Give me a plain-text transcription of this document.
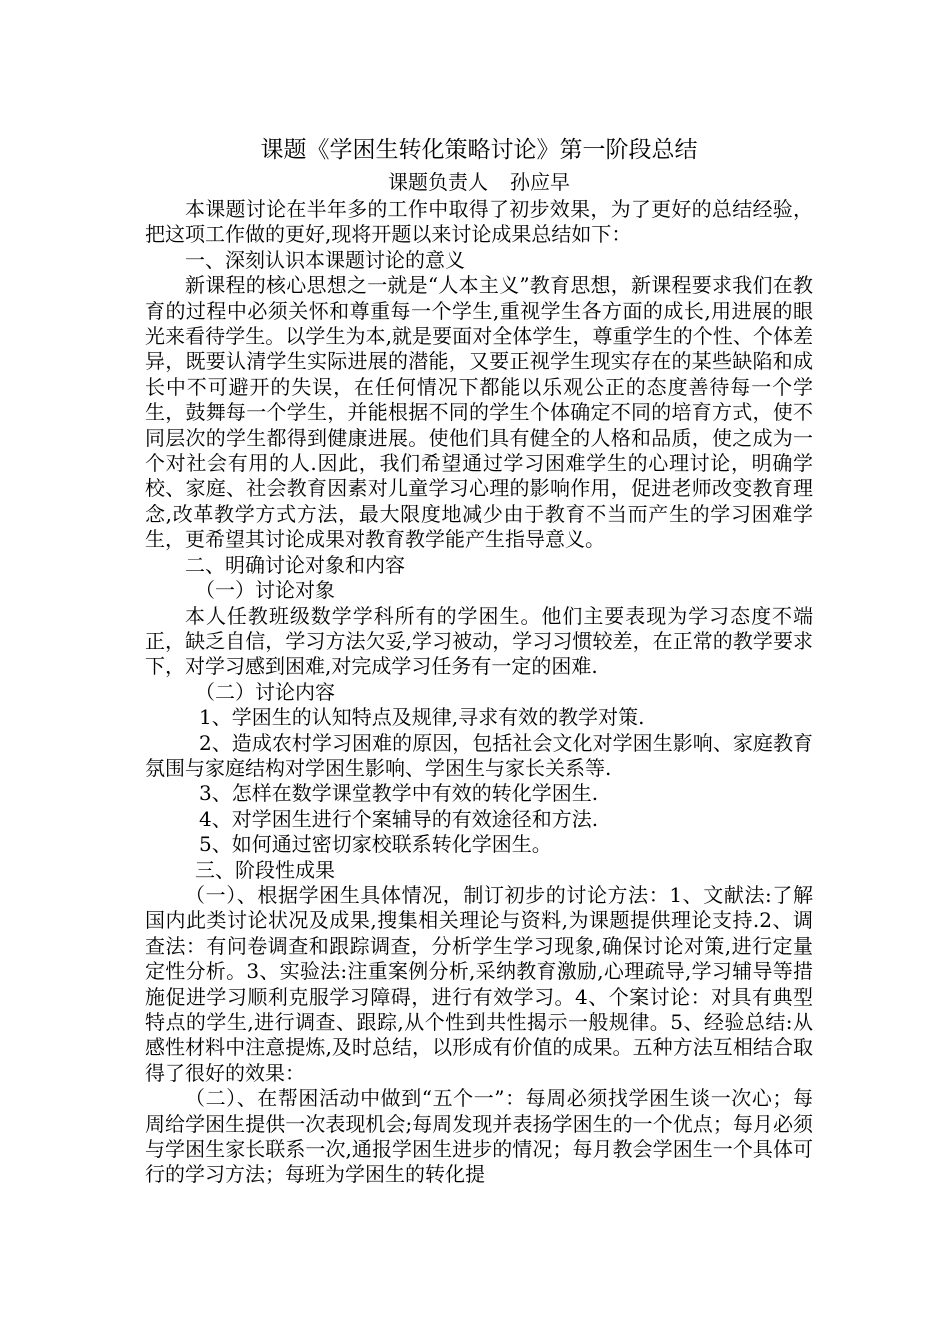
课题《学困生转化策略讨论》第一阶段总结

课题负责人 孙应早

本课题讨论在半年多的工作中取得了初步效果，为了更好的总结经验，把这项工作做的更好,现将开题以来讨论成果总结如下：

一、深刻认识本课题讨论的意义

新课程的核心思想之一就是“人本主义”教育思想，新课程要求我们在教育的过程中必须关怀和尊重每一个学生,重视学生各方面的成长,用进展的眼光来看待学生。以学生为本,就是要面对全体学生，尊重学生的个性、个体差异，既要认清学生实际进展的潜能，又要正视学生现实存在的某些缺陷和成长中不可避开的失误，在任何情况下都能以乐观公正的态度善待每一个学生，鼓舞每一个学生，并能根据不同的学生个体确定不同的培育方式，使不同层次的学生都得到健康进展。使他们具有健全的人格和品质，使之成为一个对社会有用的人.因此，我们希望通过学习困难学生的心理讨论，明确学校、家庭、社会教育因素对儿童学习心理的影响作用，促进老师改变教育理念,改革教学方式方法，最大限度地减少由于教育不当而产生的学习困难学生，更希望其讨论成果对教育教学能产生指导意义。

二、明确讨论对象和内容

（一）讨论对象

本人任教班级数学学科所有的学困生。他们主要表现为学习态度不端正，缺乏自信，学习方法欠妥,学习被动，学习习惯较差，在正常的教学要求下，对学习感到困难,对完成学习任务有一定的困难.

（二）讨论内容

1、学困生的认知特点及规律,寻求有效的教学对策.

2、造成农村学习困难的原因，包括社会文化对学困生影响、家庭教育氛围与家庭结构对学困生影响、学困生与家长关系等.

3、怎样在数学课堂教学中有效的转化学困生.

4、对学困生进行个案辅导的有效途径和方法.

5、如何通过密切家校联系转化学困生。

三、阶段性成果

（一）、根据学困生具体情况，制订初步的讨论方法：1、文献法:了解国内此类讨论状况及成果,搜集相关理论与资料,为课题提供理论支持.2、调查法：有问卷调查和跟踪调查，分析学生学习现象,确保讨论对策,进行定量定性分析。3、实验法:注重案例分析,采纳教育激励,心理疏导,学习辅导等措施促进学习顺利克服学习障碍，进行有效学习。4、个案讨论：对具有典型特点的学生,进行调查、跟踪,从个性到共性揭示一般规律。5、经验总结:从感性材料中注意提炼,及时总结，以形成有价值的成果。五种方法互相结合取得了很好的效果：

（二）、在帮困活动中做到“五个一”：每周必须找学困生谈一次心；每周给学困生提供一次表现机会;每周发现并表扬学困生的一个优点；每月必须与学困生家长联系一次,通报学困生进步的情况；每月教会学困生一个具体可行的学习方法；每班为学困生的转化提
